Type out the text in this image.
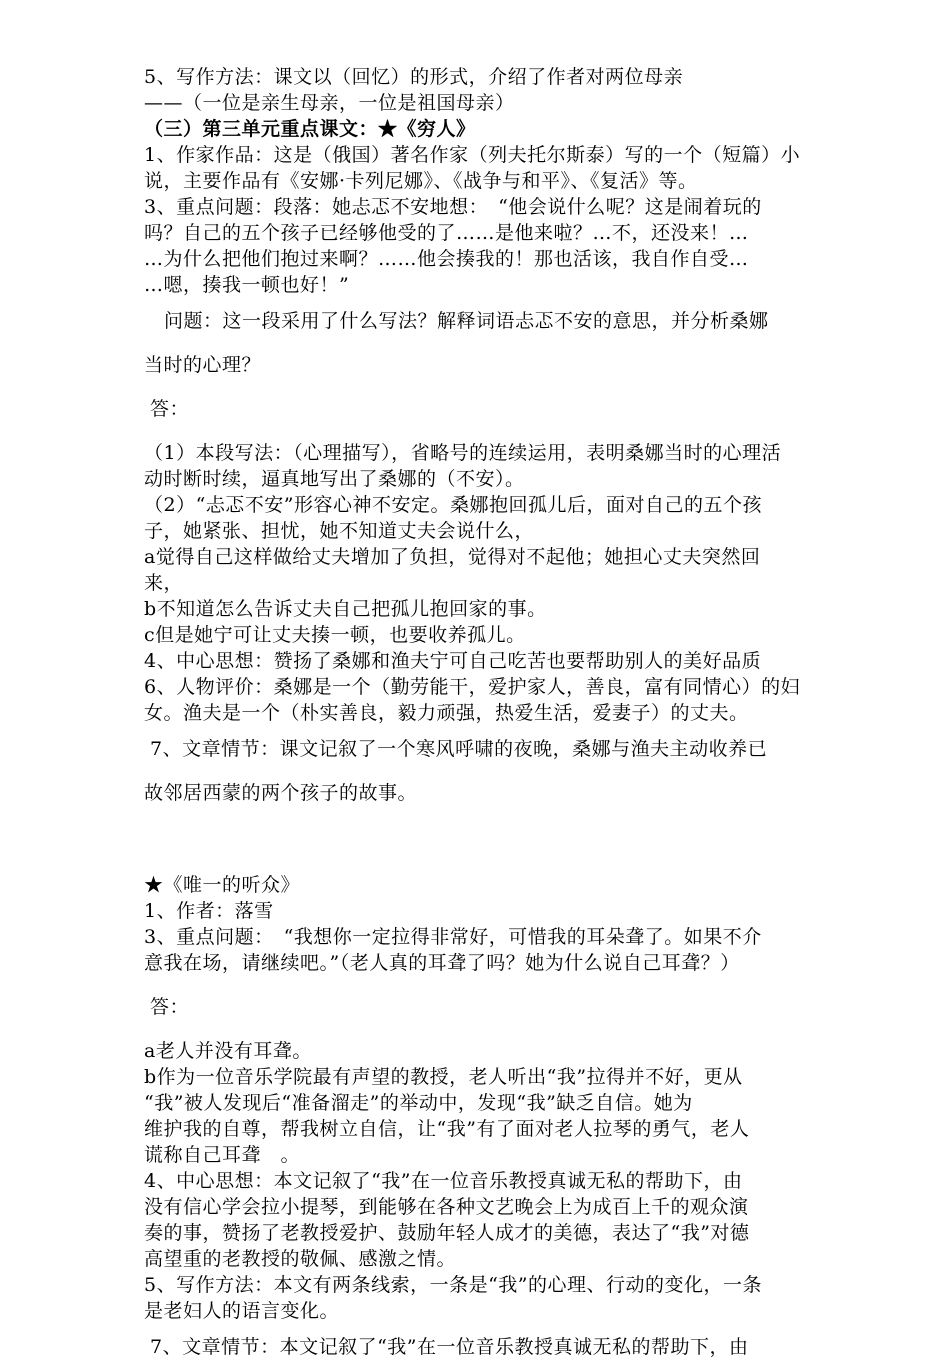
5、写作方法：课文以（回忆）的形式，介绍了作者对两位母亲
——（一位是亲生母亲，一位是祖国母亲）
（三）第三单元重点课文：★《穷人》
1、作家作品：这是（俄国）著名作家（列夫托尔斯泰）写的一个（短篇）小
说，主要作品有《安娜·卡列尼娜》、《战争与和平》、《复活》等。
3、重点问题：段落：她忐忑不安地想：　“他会说什么呢？这是闹着玩的
吗？自己的五个孩子已经够他受的了……是他来啦？…不，还没来！…
…为什么把他们抱过来啊？……他会揍我的！那也活该，我自作自受…
…嗯，揍我一顿也好！”
问题：这一段采用了什么写法？解释词语忐忑不安的意思，并分析桑娜
当时的心理？
答：
（1）本段写法：（心理描写），省略号的连续运用，表明桑娜当时的心理活
动时断时续，逼真地写出了桑娜的（不安）。
（2）“忐忑不安”形容心神不安定。桑娜抱回孤儿后，面对自己的五个孩
子，她紧张、担忧，她不知道丈夫会说什么，
a觉得自己这样做给丈夫增加了负担，觉得对不起他；她担心丈夫突然回
来，
b不知道怎么告诉丈夫自己把孤儿抱回家的事。
c但是她宁可让丈夫揍一顿，也要收养孤儿。
4、中心思想：赞扬了桑娜和渔夫宁可自己吃苦也要帮助别人的美好品质
6、人物评价：桑娜是一个（勤劳能干，爱护家人，善良，富有同情心）的妇
女。渔夫是一个（朴实善良，毅力顽强，热爱生活，爱妻子）的丈夫。
7、文章情节：课文记叙了一个寒风呼啸的夜晚，桑娜与渔夫主动收养已
故邻居西蒙的两个孩子的故事。
★《唯一的听众》
1、作者：落雪
3、重点问题：　“我想你一定拉得非常好，可惜我的耳朵聋了。如果不介
意我在场，请继续吧。”（老人真的耳聋了吗？她为什么说自己耳聋？）
答：
a老人并没有耳聋。
b作为一位音乐学院最有声望的教授，老人听出“我”拉得并不好，更从
“我”被人发现后“准备溜走”的举动中，发现“我”缺乏自信。她为
维护我的自尊，帮我树立自信，让“我”有了面对老人拉琴的勇气，老人
谎称自己耳聋　。
4、中心思想：本文记叙了“我”在一位音乐教授真诚无私的帮助下，由
没有信心学会拉小提琴，到能够在各种文艺晚会上为成百上千的观众演
奏的事，赞扬了老教授爱护、鼓励年轻人成才的美德，表达了“我”对德
高望重的老教授的敬佩、感激之情。
5、写作方法：本文有两条线索，一条是“我”的心理、行动的变化，一条
是老妇人的语言变化。
7、文章情节：本文记叙了“我”在一位音乐教授真诚无私的帮助下，由
